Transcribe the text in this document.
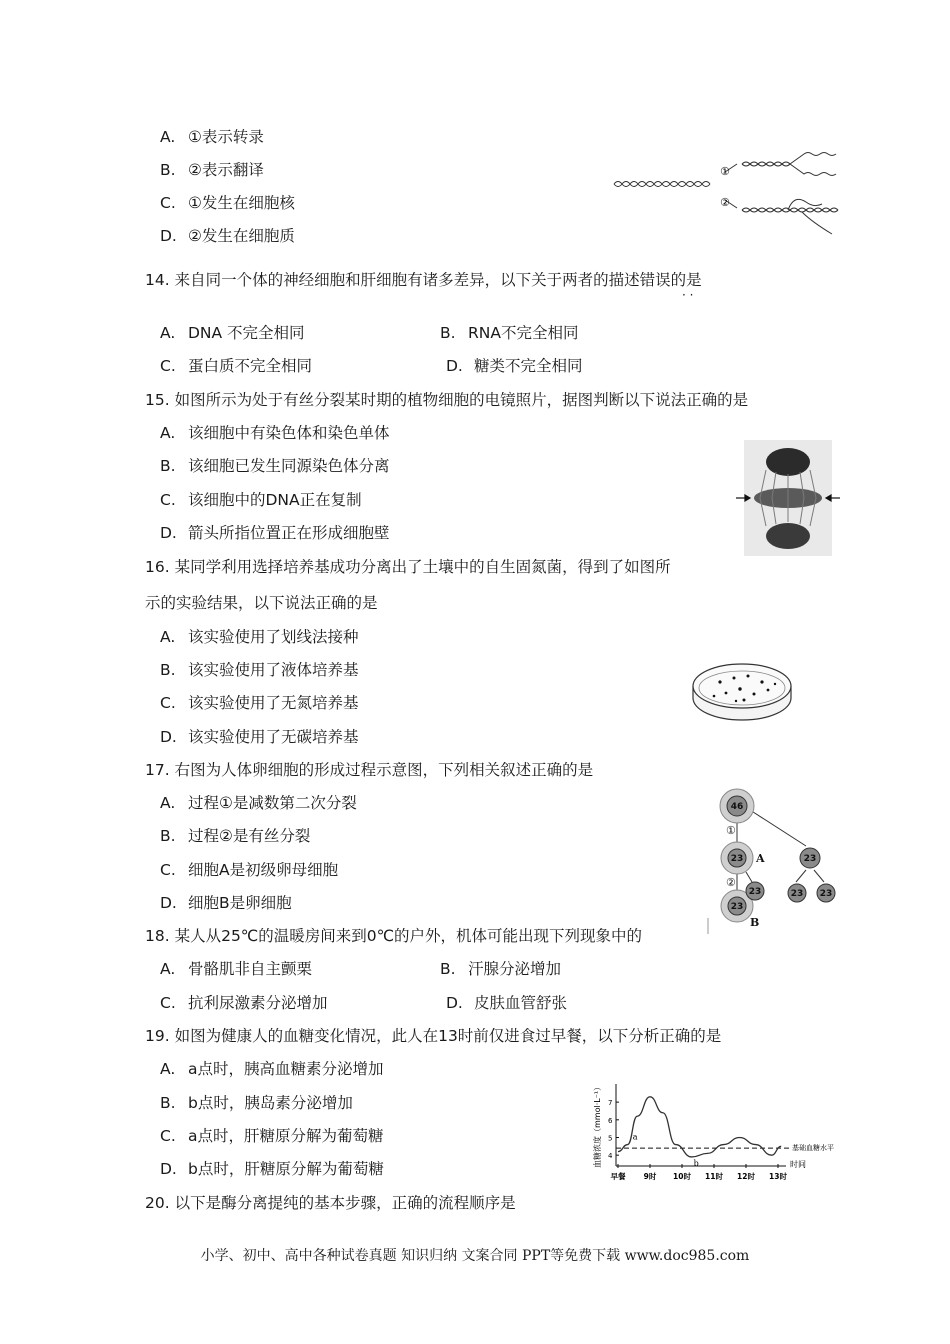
A. ①表示转录
B. ②表示翻译
C. ①发生在细胞核
D. ②发生在细胞质
①
②
14. 来自同一个体的神经细胞和肝细胞有诸多差异，以下关于两者的描述错误的是
· ·
A. DNA 不完全相同	B. RNA不完全相同
C. 蛋白质不完全相同	D. 糖类不完全相同
15. 如图所示为处于有丝分裂某时期的植物细胞的电镜照片，据图判断以下说法正确的是
A. 该细胞中有染色体和染色单体
B. 该细胞已发生同源染色体分离
C. 该细胞中的DNA正在复制
D. 箭头所指位置正在形成细胞壁
16. 某同学利用选择培养基成功分离出了土壤中的自生固氮菌，得到了如图所
示的实验结果，以下说法正确的是
A. 该实验使用了划线法接种
B. 该实验使用了液体培养基
C. 该实验使用了无氮培养基
D. 该实验使用了无碳培养基
17. 右图为人体卵细胞的形成过程示意图，下列相关叙述正确的是
A. 过程①是减数第二次分裂
B. 过程②是有丝分裂
C. 细胞A是初级卵母细胞
D. 细胞B是卵细胞
46
23	23
23
23	23 23
①
②
A
B
18. 某人从25℃的温暖房间来到0℃的户外，机体可能出现下列现象中的
A. 骨骼肌非自主颤栗	B. 汗腺分泌增加
C. 抗利尿激素分泌增加	D. 皮肤血管舒张
19. 如图为健康人的血糖变化情况，此人在13时前仅进食过早餐，以下分析正确的是
A. a点时，胰高血糖素分泌增加
B. b点时，胰岛素分泌增加
C. a点时，肝糖原分解为葡萄糖
D. b点时，肝糖原分解为葡萄糖
血糖浓度（mmol·L⁻¹）	时间
基础血糖水平
a
b
4
5
6
7
早餐 9时 10时 11时 12时 13时
20. 以下是酶分离提纯的基本步骤，正确的流程顺序是
小学、初中、高中各种试卷真题 知识归纳 文案合同 PPT等免费下载 www.doc985.com
